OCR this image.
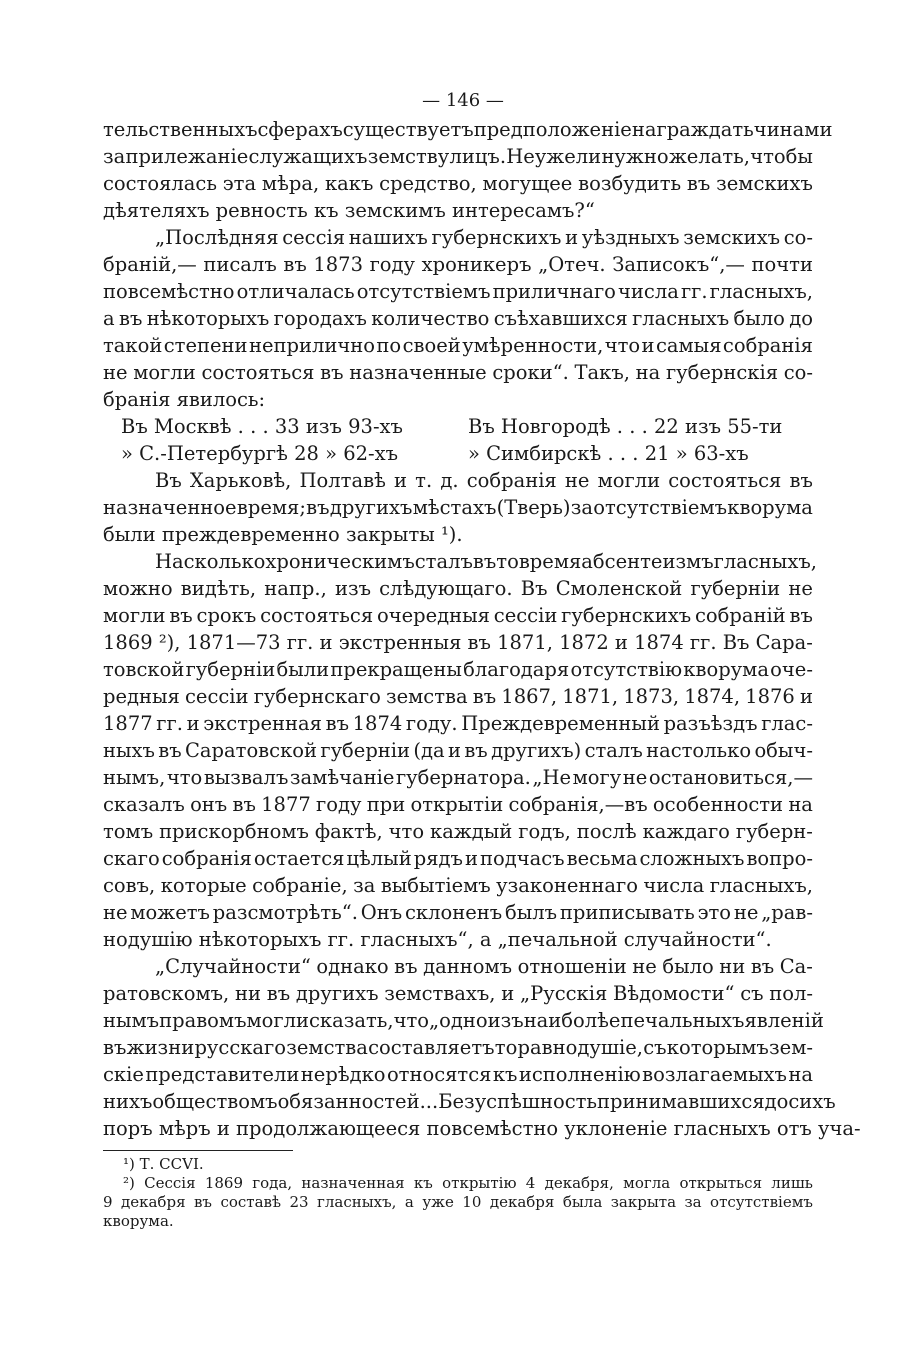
— 146 —
тельственныхъ сферахъ существуетъ предположеніе награждать чинами
за прилежаніе служащихъ земству лицъ. Неужели нужно желать, чтобы
состоялась эта мѣра, какъ средство, могущее возбудить въ земскихъ
дѣятеляхъ ревность къ земскимъ интересамъ?“
„Послѣдняя сессія нашихъ губернскихъ и уѣздныхъ земскихъ со-
браній,— писалъ въ 1873 году хроникеръ „Отеч. Записокъ“,— почти
повсемѣстно отличалась отсутствіемъ приличнаго числа гг. гласныхъ,
а въ нѣкоторыхъ городахъ количество съѣхавшихся гласныхъ было до
такой степени неприлично по своей умѣренности, что и самыя собранія
не могли состояться въ назначенные сроки“. Такъ, на губернскія со-
бранія явилось:
Въ Москвѣ . . . 33 изъ 93-хъ	Въ Новгородѣ . . . 22 изъ 55-ти
» С.-Петербургѣ 28 » 62-хъ	» Симбирскѣ . . . 21 » 63-хъ
Въ Харьковѣ, Полтавѣ и т. д. собранія не могли состояться въ
назначенное время; въ другихъ мѣстахъ (Тверь) за отсутствіемъ кворума
были преждевременно закрыты ¹).
Насколько хроническимъ сталъ въ то время абсентеизмъ гласныхъ,
можно видѣть, напр., изъ слѣдующаго. Въ Смоленской губерніи не
могли въ срокъ состояться очередныя сессіи губернскихъ собраній въ
1869 ²), 1871—73 гг. и экстренныя въ 1871, 1872 и 1874 гг. Въ Сара-
товской губерніи были прекращены благодаря отсутствію кворума оче-
редныя сессіи губернскаго земства въ 1867, 1871, 1873, 1874, 1876 и
1877 гг. и экстренная въ 1874 году. Преждевременный разъѣздъ глас-
ныхъ въ Саратовской губерніи (да и въ другихъ) сталъ настолько обыч-
нымъ, что вызвалъ замѣчаніе губернатора. „Не могу не остановиться,—
сказалъ онъ въ 1877 году при открытіи собранія,—въ особенности на
томъ прискорбномъ фактѣ, что каждый годъ, послѣ каждаго губерн-
скаго собранія остается цѣлый рядъ и подчасъ весьма сложныхъ вопро-
совъ, которые собраніе, за выбытіемъ узаконеннаго числа гласныхъ,
не можетъ разсмотрѣть“. Онъ склоненъ былъ приписывать это не „рав-
нодушію нѣкоторыхъ гг. гласныхъ“, а „печальной случайности“.
„Случайности“ однако въ данномъ отношеніи не было ни въ Са-
ратовскомъ, ни въ другихъ земствахъ, и „Русскія Вѣдомости“ съ пол-
нымъ правомъ могли сказать, что „одно изъ наиболѣе печальныхъ явленій
въ жизни русскаго земства составляетъ то равнодушіе, съ которымъ зем-
скіе представители нерѣдко относятся къ исполненію возлагаемыхъ на
нихъ обществомъ обязанностей... Безуспѣшность принимавшихся до сихъ
поръ мѣръ и продолжающееся повсемѣстно уклоненіе гласныхъ отъ уча-
¹) Т. CCVI.
²) Сессія 1869 года, назначенная къ открытію 4 декабря, могла открыться лишь
9 декабря въ составѣ 23 гласныхъ, а уже 10 декабря была закрыта за отсутствіемъ
кворума.
